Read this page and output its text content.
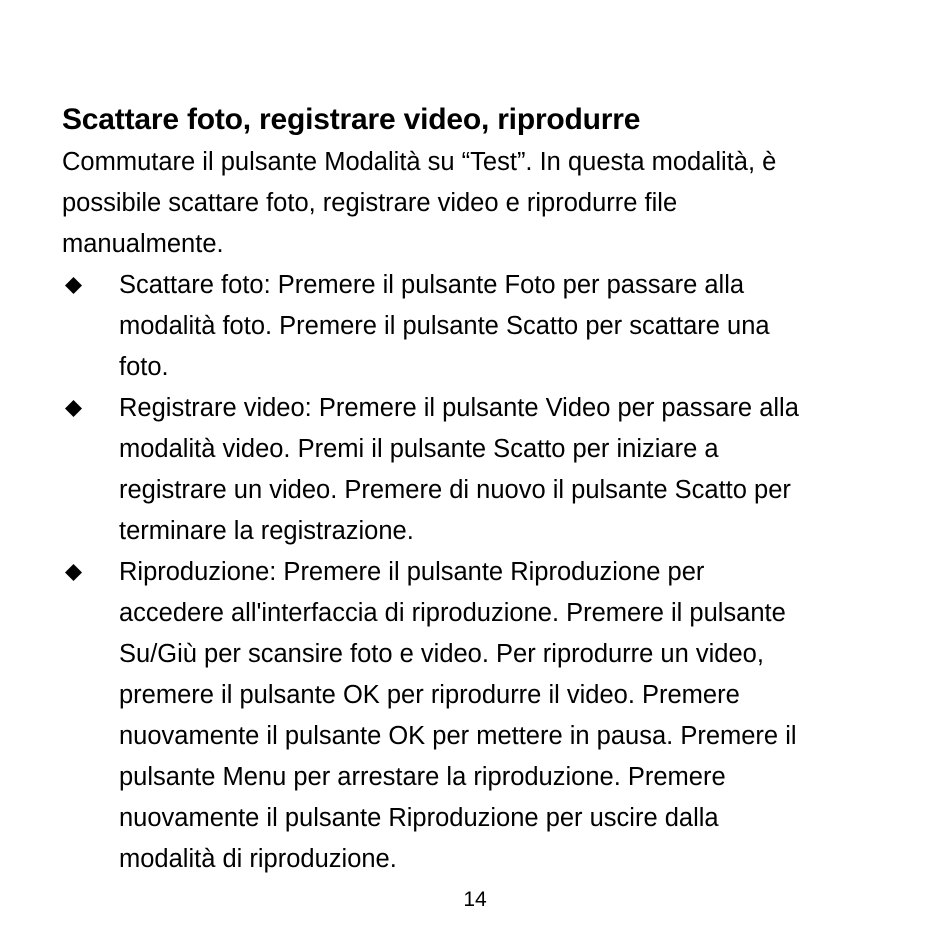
Scattare foto, registrare video, riprodurre
Commutare il pulsante Modalità su “Test”. In questa modalità, è
possibile scattare foto, registrare video e riprodurre file
manualmente.
Scattare foto: Premere il pulsante Foto per passare alla
modalità foto. Premere il pulsante Scatto per scattare una
foto.
Registrare video: Premere il pulsante Video per passare alla
modalità video. Premi il pulsante Scatto per iniziare a
registrare un video. Premere di nuovo il pulsante Scatto per
terminare la registrazione.
Riproduzione: Premere il pulsante Riproduzione per
accedere all'interfaccia di riproduzione. Premere il pulsante
Su/Giù per scansire foto e video. Per riprodurre un video,
premere il pulsante OK per riprodurre il video. Premere
nuovamente il pulsante OK per mettere in pausa. Premere il
pulsante Menu per arrestare la riproduzione. Premere
nuovamente il pulsante Riproduzione per uscire dalla
modalità di riproduzione.
14
